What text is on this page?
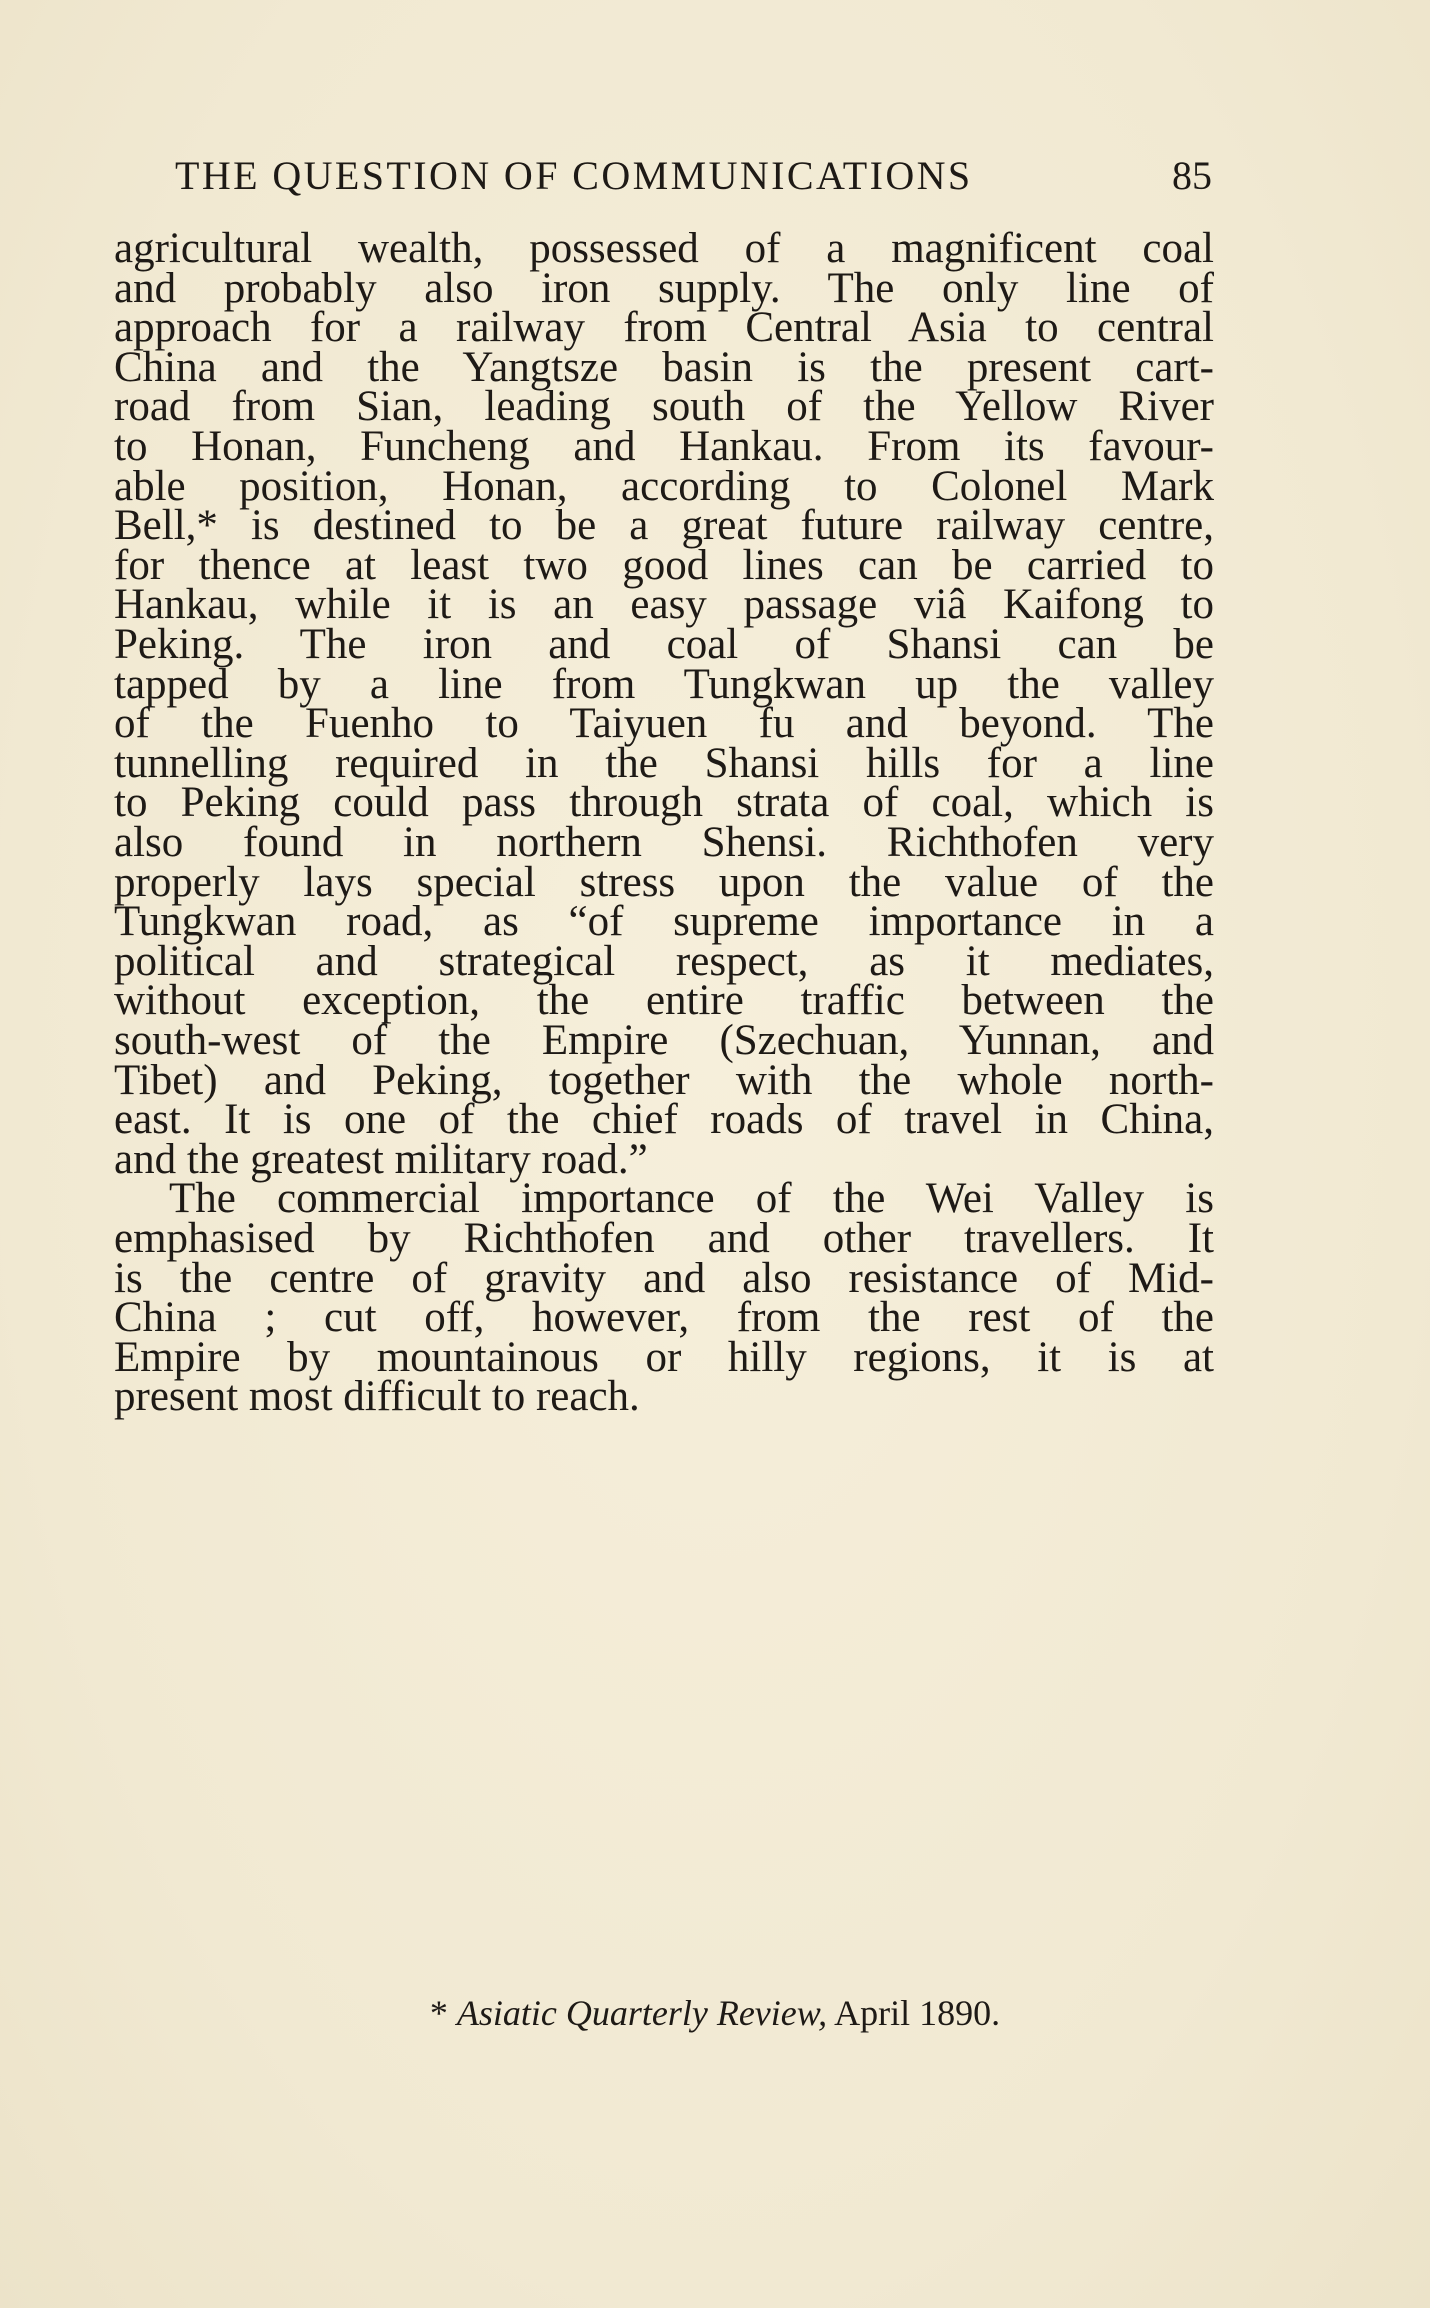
THE QUESTION OF COMMUNICATIONS	85
agricultural wealth, possessed of a magnificent coal
and probably also iron supply. The only line of
approach for a railway from Central Asia to central
China and the Yangtsze basin is the present cart-
road from Sian, leading south of the Yellow River
to Honan, Funcheng and Hankau. From its favour-
able position, Honan, according to Colonel Mark
Bell,* is destined to be a great future railway centre,
for thence at least two good lines can be carried to
Hankau, while it is an easy passage viâ Kaifong to
Peking. The iron and coal of Shansi can be
tapped by a line from Tungkwan up the valley
of the Fuenho to Taiyuen fu and beyond. The
tunnelling required in the Shansi hills for a line
to Peking could pass through strata of coal, which is
also found in northern Shensi. Richthofen very
properly lays special stress upon the value of the
Tungkwan road, as “of supreme importance in a
political and strategical respect, as it mediates,
without exception, the entire traffic between the
south-west of the Empire (Szechuan, Yunnan, and
Tibet) and Peking, together with the whole north-
east. It is one of the chief roads of travel in China,
and the greatest military road.”
The commercial importance of the Wei Valley is
emphasised by Richthofen and other travellers. It
is the centre of gravity and also resistance of Mid-
China ; cut off, however, from the rest of the
Empire by mountainous or hilly regions, it is at
present most difficult to reach.
* Asiatic Quarterly Review, April 1890.
